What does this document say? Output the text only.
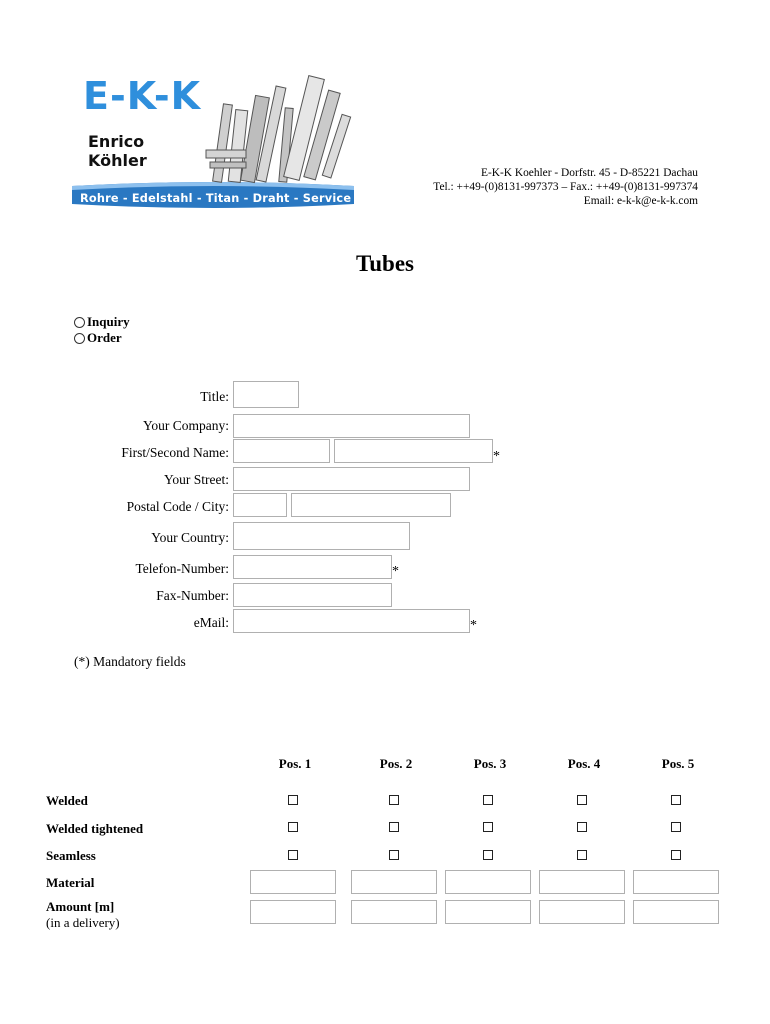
E-K-K
Enrico
Köhler
Rohre - Edelstahl - Titan - Draht - Service
E-K-K Koehler - Dorfstr. 45 - D-85221 Dachau
Tel.: ++49-(0)8131-997373 – Fax.: ++49-(0)8131-997374
Email: e-k-k@e-k-k.com
Tubes
Inquiry
Order
Title:
Your Company:
First/Second Name:	*
Your Street:
Postal Code / City:
Your Country:
Telefon-Number:	*
Fax-Number:
eMail:	*
(*) Mandatory fields
Pos. 1	Pos. 2	Pos. 3	Pos. 4	Pos. 5
Welded
Welded tightened
Seamless
Material
Amount [m]
(in a delivery)
